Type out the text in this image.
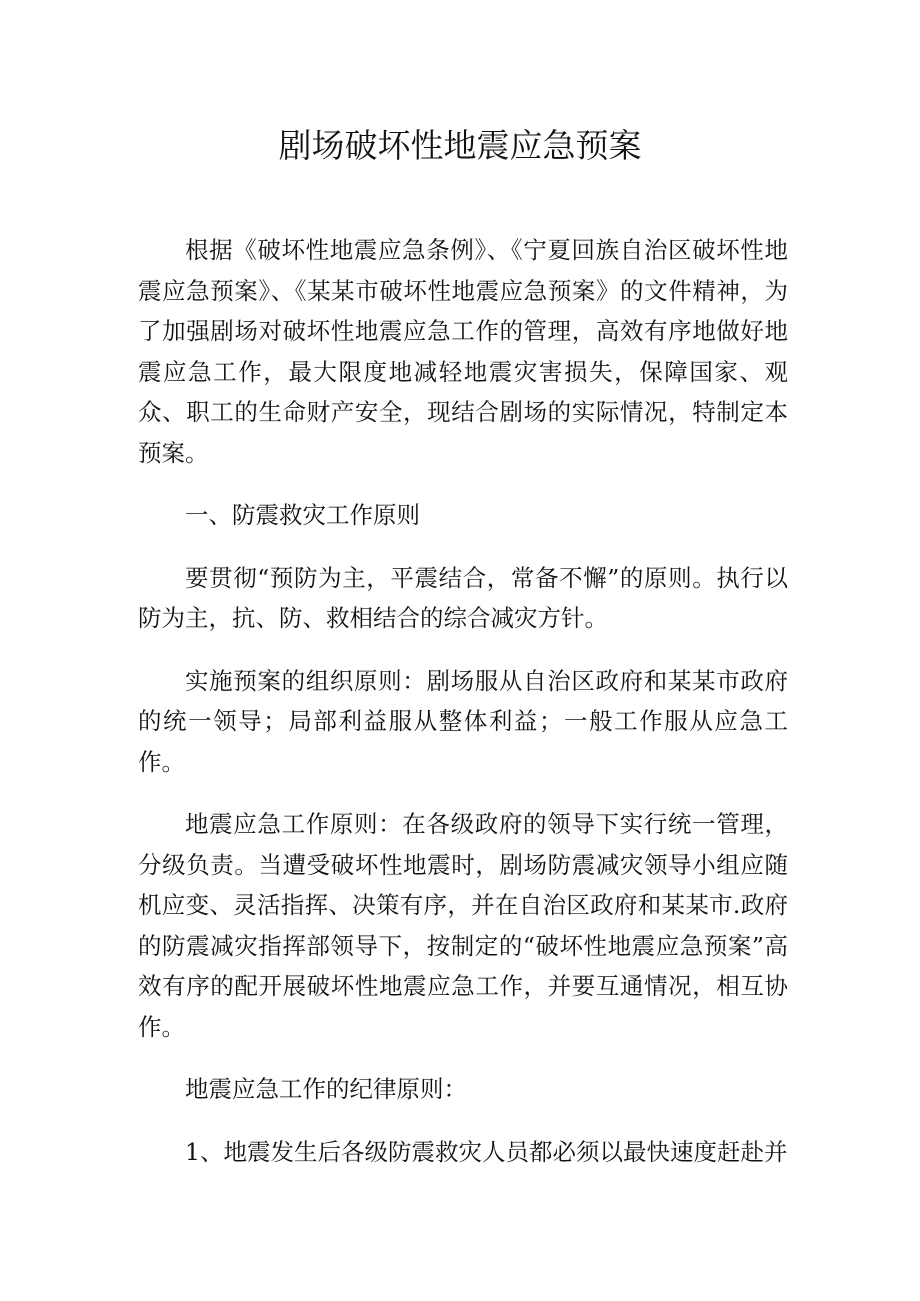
剧场破坏性地震应急预案

根据《破坏性地震应急条例》、《宁夏回族自治区破坏性地震应急预案》、《某某市破坏性地震应急预案》的文件精神，为了加强剧场对破坏性地震应急工作的管理，高效有序地做好地震应急工作，最大限度地减轻地震灾害损失，保障国家、观众、职工的生命财产安全，现结合剧场的实际情况，特制定本预案。

一、防震救灾工作原则

要贯彻“预防为主，平震结合，常备不懈”的原则。执行以防为主，抗、防、救相结合的综合减灾方针。

实施预案的组织原则：剧场服从自治区政府和某某市政府的统一领导；局部利益服从整体利益；一般工作服从应急工作。

地震应急工作原则：在各级政府的领导下实行统一管理，分级负责。当遭受破坏性地震时，剧场防震减灾领导小组应随机应变、灵活指挥、决策有序，并在自治区政府和某某市.政府的防震减灾指挥部领导下，按制定的“破坏性地震应急预案”高效有序的配开展破坏性地震应急工作，并要互通情况，相互协作。

地震应急工作的纪律原则：

1、地震发生后各级防震救灾人员都必须以最快速度赶赴并
